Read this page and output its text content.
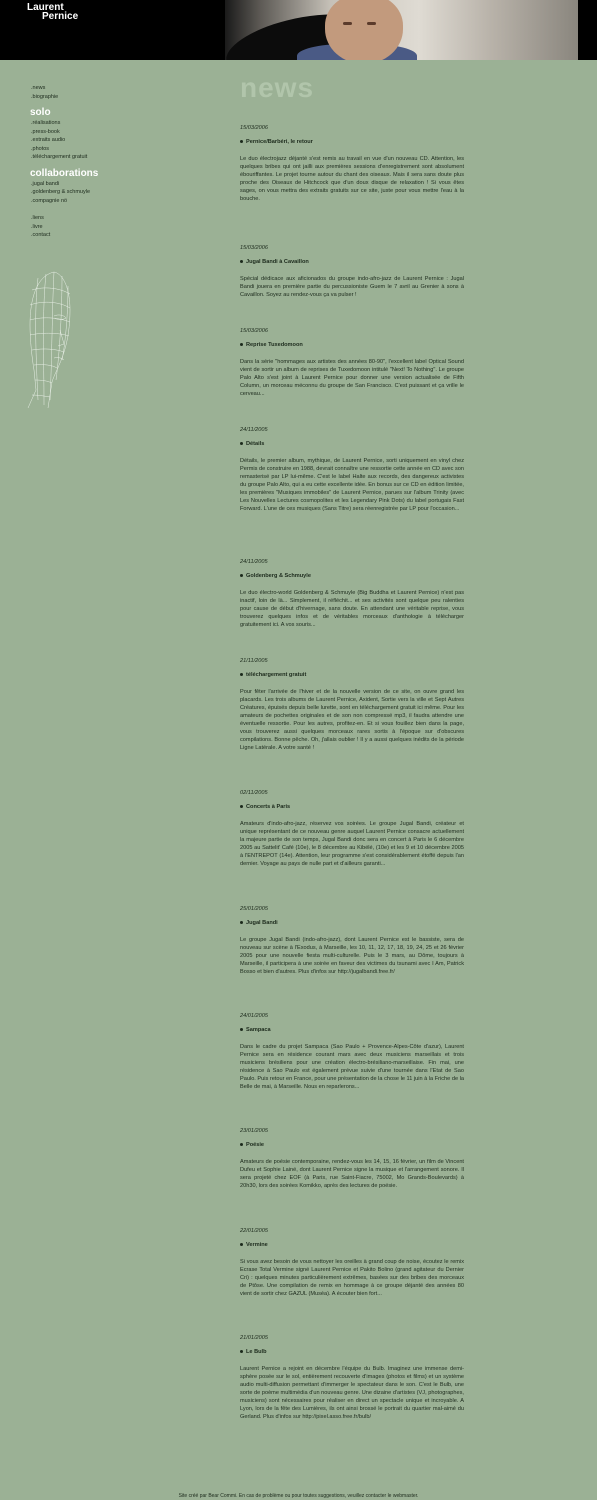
Laurent
Pernice
.news
.biographie
solo
.réalisations
.press-book
.extraits audio
.photos
.téléchargement gratuit
collaborations
.jugal bandi
.goldenberg & schmuyle
.compagnie nö
.liens
.livre
.contact
news

15/03/2006

Pernice/Barbéri, le retour

Le duo électrojazz déjanté s'est remis au travail en vue d'un nouveau CD. Attention, les quelques bribes qui ont jailli aux premières sessions d'enregistrement sont absolument ébouriffantes. Le projet tourne autour du chant des oiseaux. Mais il sera sans doute plus proche des Oiseaux de Hitchcock que d'un doux disque de relaxation ! Si vous êtes sages, on vous mettra des extraits gratuits sur ce site, juste pour vous mettre l'eau à la bouche.

15/03/2006

Jugal Bandi à Cavaillon

Spécial dédicace aux aficionados du groupe indo-afro-jazz de Laurent Pernice : Jugal Bandi jouera en première partie du percussioniste Guem le 7 avril au Grenier à sons à Cavaillon. Soyez au rendez-vous ça va pulser !

15/03/2006

Reprise Tuxedomoon

Dans la série "hommages aux artistes des années 80-90", l'excellent label Optical Sound vient de sortir un album de reprises de Tuxedomoon intitulé "Next! To Nothing". Le groupe Palo Alto s'est joint à Laurent Pernice pour donner une version actualisée de Fifth Column, un morceau méconnu du groupe de San Francisco. C'est puissant et ça vrille le cerveau...

24/11/2005

Détails

Détails, le premier album, mythique, de Laurent Pernice, sorti uniquement en vinyl chez Permis de construire en 1988, devrait connaître une ressortie cette année en CD avec son remasterisé par LP lui-même. C'est le label Halte aux records, des dangereux activistes du groupe Palo Alto, qui a eu cette excellente idée. En bonus sur ce CD en édition limitée, les premières "Musiques immobiles" de Laurent Pernice, parues sur l'album Trinity (avec Les Nouvelles Lectures cosmopolites et les Legendary Pink Dots) du label portugais Fast Forward. L'une de ces musiques (Sans Titre) sera réenregistrée par LP pour l'occasion...

24/11/2005

Goldenberg & Schmuyle

Le duo électro-world Goldenberg & Schmuyle (Big Buddha et Laurent Pernice) n'est pas inactif, loin de là... Simplement, il réfléchit... et ses activités sont quelque peu ralenties pour cause de début d'hivernage, sans doute. En attendant une véritable reprise, vous trouverez quelques infos et de véritables morceaux d'anthologie à télécharger gratuitement ici. A vos souris...

21/11/2005

téléchargement gratuit

Pour fêter l'arrivée de l'hiver et de la nouvelle version de ce site, on ouvre grand les placards. Les trois albums de Laurent Pernice, Axident, Sortie vers la ville et Sept Autres Créatures, épuisés depuis belle lurette, sont en téléchargement gratuit ici même. Pour les amateurs de pochettes originales et de son non compressé mp3, il faudra attendre une éventuelle ressortie. Pour les autres, profitez-en. Et si vous fouillez bien dans la page, vous trouverez aussi quelques morceaux rares sortis à l'époque sur d'obscures compilations. Bonne pêche. Oh, j'allais oublier ! Il y a aussi quelques inédits de la période Ligne Latérale. A votre santé !

02/11/2005

Concerts à Paris

Amateurs d'indo-afro-jazz, réservez vos soirées. Le groupe Jugal Bandi, créateur et unique représentant de ce nouveau genre auquel Laurent Pernice consacre actuellement la majeure partie de son temps, Jugal Bandi donc sera en concert à Paris le 6 décembre 2005 au Sattelit' Café (10e), le 8 décembre au Kibélé, (10e) et les 9 et 10 décembre 2005 à l'ENTREPOT (14e). Attention, leur programme s'est considérablement étoffé depuis l'an dernier. Voyage au pays de nulle part et d'ailleurs garanti...

25/01/2005

Jugal Bandi

Le groupe Jugal Bandi (indo-afro-jazz), dont Laurent Pernice est le bassiste, sera de nouveau sur scène à l'Exodus, à Marseille, les 10, 11, 12, 17, 18, 19, 24, 25 et 26 février 2005 pour une nouvelle fiesta multi-culturelle. Puis le 3 mars, au Dôme, toujours à Marseille, il participera à une soirée en faveur des victimes du tsunami avec I Am, Patrick Bosso et bien d'autres. Plus d'infos sur http://jugalbandi.free.fr/

24/01/2005

Sampaca

Dans le cadre du projet Sampaca (Sao Paulo + Provence-Alpes-Côte d'azur), Laurent Pernice sera en résidence courant mars avec deux musiciens marseillais et trois musiciens brésiliens pour une création électro-brésiliano-marseillaise. Fin mai, une résidence à Sao Paulo est également prévue suivie d'une tournée dans l'Etat de Sao Paulo. Puis retour en France, pour une présentation de la chose le 11 juin à la Friche de la Belle de mai, à Marseille. Nous en reparlerons...

23/01/2005

Poésie

Amateurs de poésie contemporaine, rendez-vous les 14, 15, 16 février, un film de Vincent Dufeu et Sophie Lainé, dont Laurent Pernice signe la musique et l'arrangement sonore. Il sera projeté chez EOF (à Paris, rue Saint-Fiacre, 75002, Mo Grands-Boulevards) à 20h30, lors des soirées Komikko, après des lectures de poésie.

22/01/2005

Vermine

Si vous avez besoin de vous nettoyer les oreilles à grand coup de noise, écoutez le remix Ecrase Total Vermine signé Laurent Pernice et Pakito Bolino (grand agitateur du Dernier Cri) : quelques minutes particulièrement extrêmes, basées sur des bribes des morceaux de Ptôse. Une compilation de remix en hommage à ce groupe déjanté des années 80 vient de sortir chez GAZUL (Muséa). A écouter bien fort...

21/01/2005

Le Bulb

Laurent Pernice a rejoint en décembre l'équipe du Bulb. Imaginez une immense demi-sphère posée sur le sol, entièrement recouverte d'images (photos et films) et un système audio multi-diffusion permettant d'immerger le spectateur dans le son. C'est le Bulb, une sorte de poème multimédia d'un nouveau genre. Une dizaine d'artistes (VJ, photographes, musiciens) sont nécessaires pour réaliser en direct un spectacle unique et incroyable. A Lyon, lors de la fête des Lumières, ils ont ainsi brossé le portrait du quartier mal-aimé du Gerland. Plus d'infos sur http://pixel.asso.free.fr/bulb/

Site créé par Bear Commi. En cas de problème ou pour toutes suggestions, veuillez contacter le webmaster.
